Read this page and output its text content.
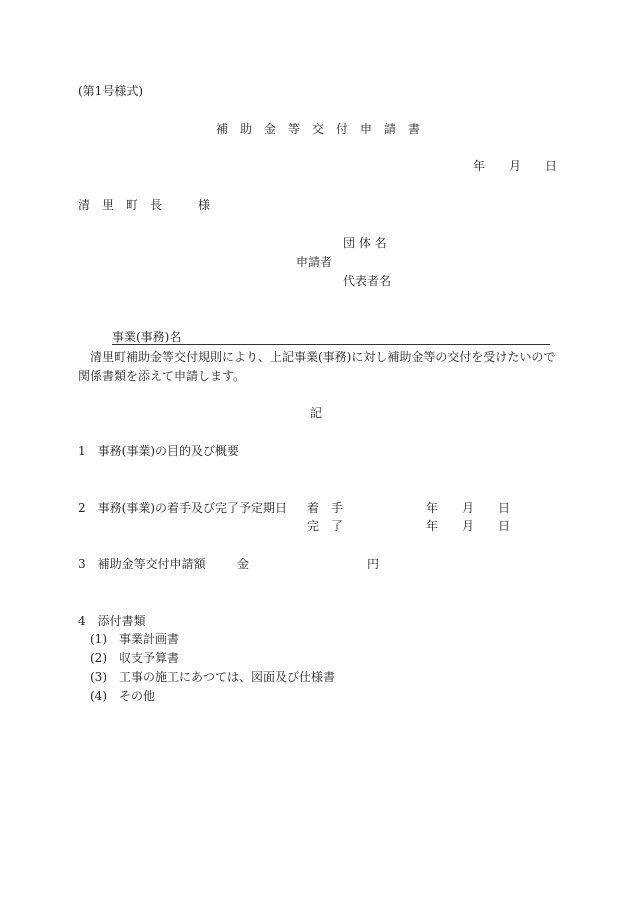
(第1号様式)
補　助　金　等　交　付　申　請　書
年　　月　　日
清　里　町　長　　　様
団 体 名
申請者
代表者名
事業(事務)名
　清里町補助金等交付規則により、上記事業(事務)に対し補助金等の交付を受けたいので
関係書類を添えて申請します。
記
1　事務(事業)の目的及び概要
2　事務(事業)の着手及び完了予定期日 着　手	年　　月　　日
完　了	年　　月　　日
3　補助金等交付申請額	金	円
4　添付書類
(1)　事業計画書
(2)　収支予算書
(3)　工事の施工にあつては、図面及び仕様書
(4)　その他
